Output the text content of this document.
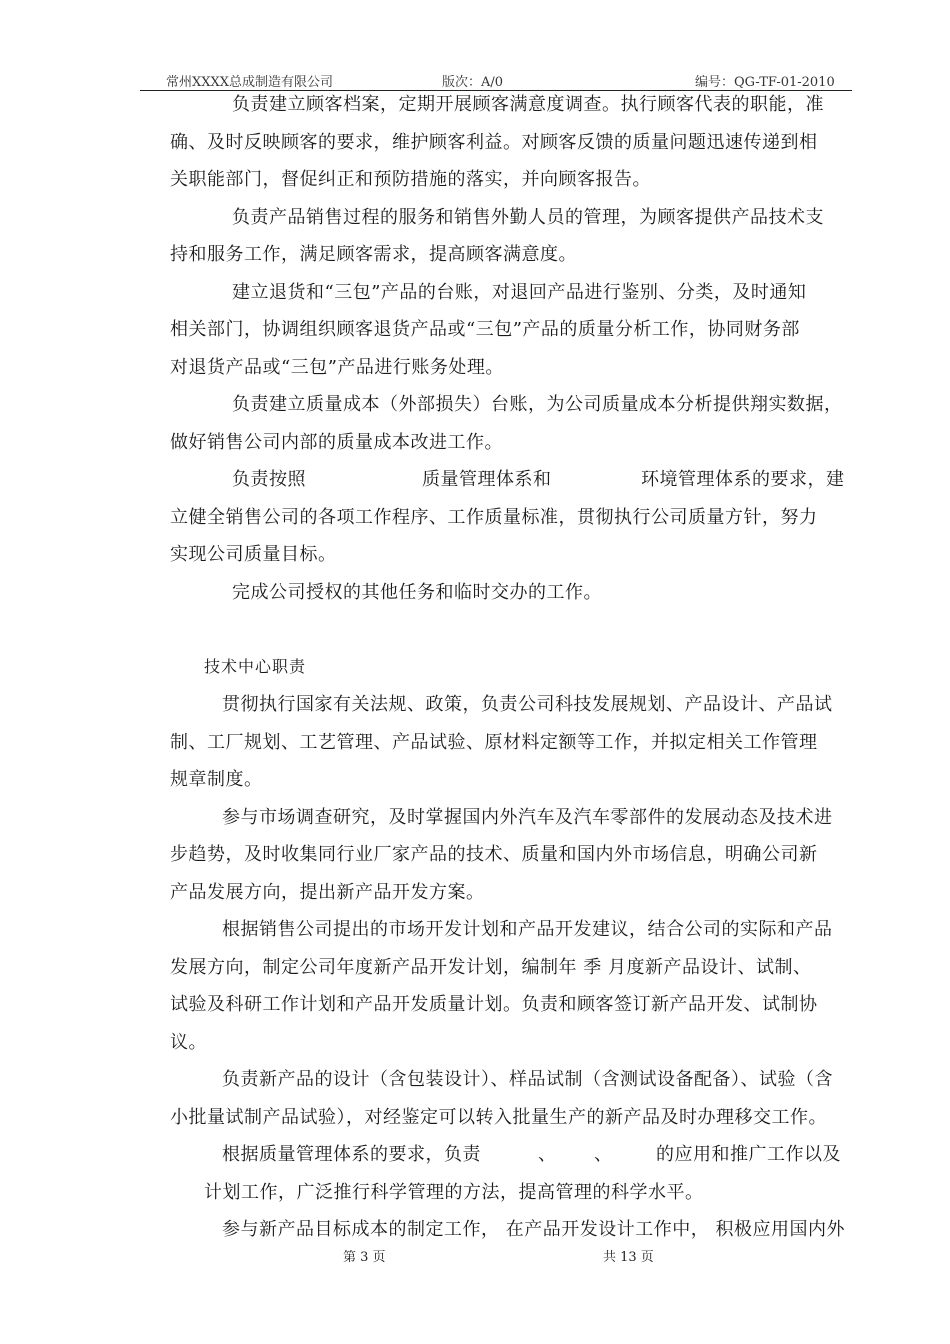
常州XXXX总成制造有限公司	版次：A/0	编号：QG-TF-01-2010
负责建立顾客档案，定期开展顾客满意度调查。执行顾客代表的职能，准
确、及时反映顾客的要求，维护顾客利益。对顾客反馈的质量问题迅速传递到相
关职能部门，督促纠正和预防措施的落实，并向顾客报告。
负责产品销售过程的服务和销售外勤人员的管理，为顾客提供产品技术支
持和服务工作，满足顾客需求，提高顾客满意度。
建立退货和“三包”产品的台账，对退回产品进行鉴别、分类，及时通知
相关部门，协调组织顾客退货产品或“三包”产品的质量分析工作，协同财务部
对退货产品或“三包”产品进行账务处理。
负责建立质量成本（外部损失）台账，为公司质量成本分析提供翔实数据，
做好销售公司内部的质量成本改进工作。
负责按照	质量管理体系和	环境管理体系的要求，建
立健全销售公司的各项工作程序、工作质量标准，贯彻执行公司质量方针，努力
实现公司质量目标。
完成公司授权的其他任务和临时交办的工作。
技术中心职责
贯彻执行国家有关法规、政策，负责公司科技发展规划、产品设计、产品试
制、工厂规划、工艺管理、产品试验、原材料定额等工作，并拟定相关工作管理
规章制度。
参与市场调查研究，及时掌握国内外汽车及汽车零部件的发展动态及技术进
步趋势，及时收集同行业厂家产品的技术、质量和国内外市场信息，明确公司新
产品发展方向，提出新产品开发方案。
根据销售公司提出的市场开发计划和产品开发建议，结合公司的实际和产品
发展方向，制定公司年度新产品开发计划，编制年 季 月度新产品设计、试制、
试验及科研工作计划和产品开发质量计划。负责和顾客签订新产品开发、试制协
议。
负责新产品的设计（含包装设计）、样品试制（含测试设备配备）、试验（含
小批量试制产品试验），对经鉴定可以转入批量生产的新产品及时办理移交工作。
根据质量管理体系的要求，负责	、 、 的应用和推广工作以及
计划工作，广泛推行科学管理的方法，提高管理的科学水平。
参与新产品目标成本的制定工作， 在产品开发设计工作中， 积极应用国内外
第 3 页	共 13 页
